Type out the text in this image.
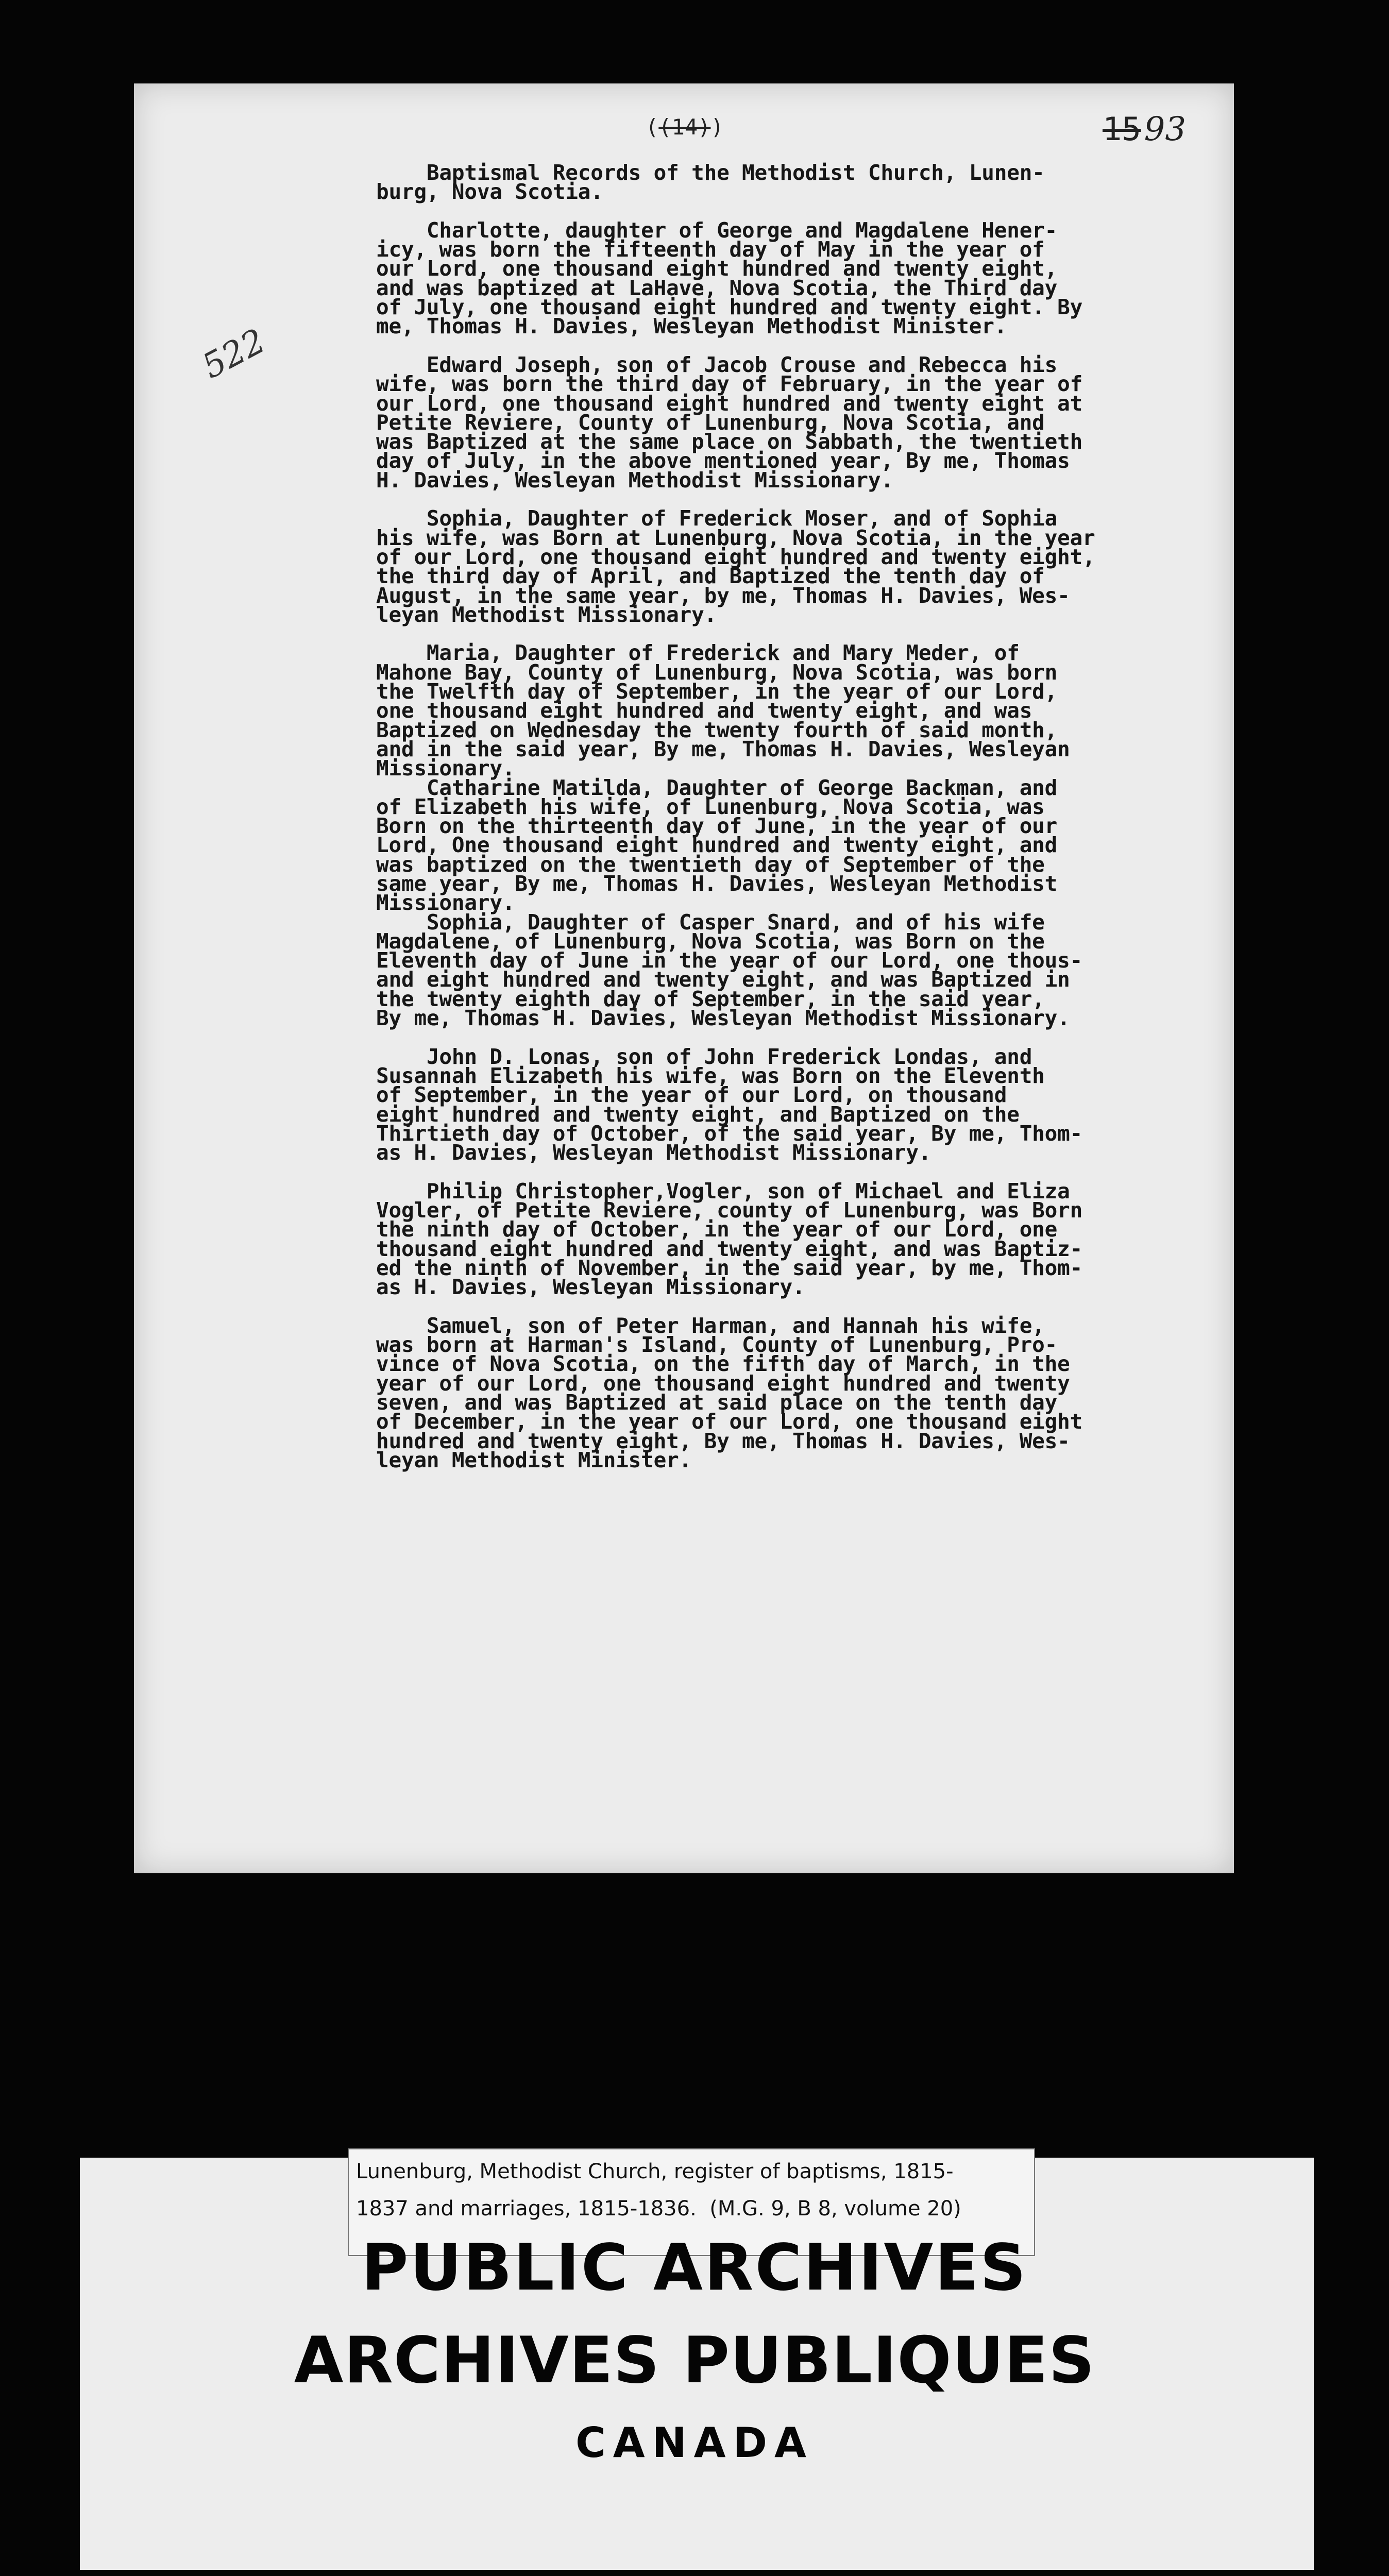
((14))	1593
522
Baptismal Records of the Methodist Church, Lunen-
burg, Nova Scotia.

Charlotte, daughter of George and Magdalene Hener-
icy, was born the fifteenth day of May in the year of
our Lord, one thousand eight hundred and twenty eight,
and was baptized at LaHave, Nova Scotia, the Third day
of July, one thousand eight hundred and twenty eight. By
me, Thomas H. Davies, Wesleyan Methodist Minister.

Edward Joseph, son of Jacob Crouse and Rebecca his
wife, was born the third day of February, in the year of
our Lord, one thousand eight hundred and twenty eight at
Petite Reviere, County of Lunenburg, Nova Scotia, and
was Baptized at the same place on Sabbath, the twentieth
day of July, in the above mentioned year, By me, Thomas
H. Davies, Wesleyan Methodist Missionary.

Sophia, Daughter of Frederick Moser, and of Sophia
his wife, was Born at Lunenburg, Nova Scotia, in the year
of our Lord, one thousand eight hundred and twenty eight,
the third day of April, and Baptized the tenth day of
August, in the same year, by me, Thomas H. Davies, Wes-
leyan Methodist Missionary.

Maria, Daughter of Frederick and Mary Meder, of
Mahone Bay, County of Lunenburg, Nova Scotia, was born
the Twelfth day of September, in the year of our Lord,
one thousand eight hundred and twenty eight, and was
Baptized on Wednesday the twenty fourth of said month,
and in the said year, By me, Thomas H. Davies, Wesleyan
Missionary.
Catharine Matilda, Daughter of George Backman, and
of Elizabeth his wife, of Lunenburg, Nova Scotia, was
Born on the thirteenth day of June, in the year of our
Lord, One thousand eight hundred and twenty eight, and
was baptized on the twentieth day of September of the
same year, By me, Thomas H. Davies, Wesleyan Methodist
Missionary.
Sophia, Daughter of Casper Snard, and of his wife
Magdalene, of Lunenburg, Nova Scotia, was Born on the
Eleventh day of June in the year of our Lord, one thous-
and eight hundred and twenty eight, and was Baptized in
the twenty eighth day of September, in the said year,
By me, Thomas H. Davies, Wesleyan Methodist Missionary.

John D. Lonas, son of John Frederick Londas, and
Susannah Elizabeth his wife, was Born on the Eleventh
of September, in the year of our Lord, on thousand
eight hundred and twenty eight, and Baptized on the
Thirtieth day of October, of the said year, By me, Thom-
as H. Davies, Wesleyan Methodist Missionary.

Philip Christopher,Vogler, son of Michael and Eliza
Vogler, of Petite Reviere, county of Lunenburg, was Born
the ninth day of October, in the year of our Lord, one
thousand eight hundred and twenty eight, and was Baptiz-
ed the ninth of November, in the said year, by me, Thom-
as H. Davies, Wesleyan Missionary.

Samuel, son of Peter Harman, and Hannah his wife,
was born at Harman's Island, County of Lunenburg, Pro-
vince of Nova Scotia, on the fifth day of March, in the
year of our Lord, one thousand eight hundred and twenty
seven, and was Baptized at said place on the tenth day
of December, in the year of our Lord, one thousand eight
hundred and twenty eight, By me, Thomas H. Davies, Wes-
leyan Methodist Minister.
Lunenburg, Methodist Church, register of baptisms, 1815-
1837 and marriages, 1815-1836.  (M.G. 9, B 8, volume 20)
PUBLIC ARCHIVES
ARCHIVES PUBLIQUES
CANADA
